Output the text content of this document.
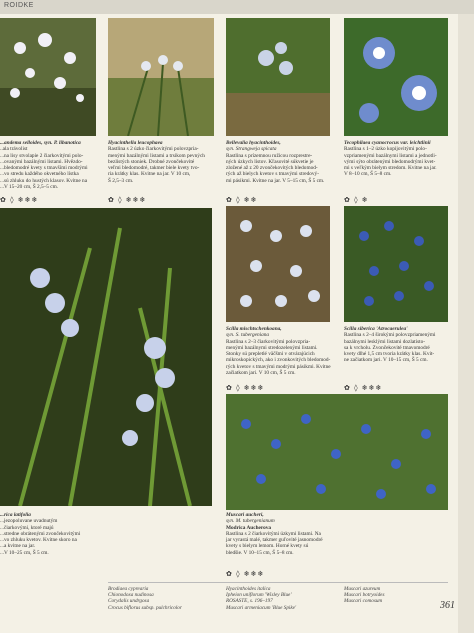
ROIDKE
...andema selloides, syn. P. libanotica
..ala trávolist
...na lisy stvolapie 2 čiarkovitými polo-
...ovanými bazálnými listami. Hvězdo-
...bledomodré kvety s tmavšími modrými
...vo stredu každého okvetného lístka
...sú zhluku do hustých klasov. Kvitne na
...V 15–20 cm, Š 2,5–5 cm.
✿ ◊ ❄❄❄
Hyacinthella leucophaea
Rastlina s 2 úzko čiarkovitými polovzpria-
menými bazálnými listami a trsikom pevných
bezlistých stoniek. Drobné zvončekovité
veľmi bledomodré, takmer biele kvety tvo-
ria krátky klas. Kvitne na jar. V 10 cm,
Š 2,5–3 cm.
✿ ◊ ❄❄❄
Bellevalia hyacinthoides,
syn. Strangweja spicata
Rastlina s prízemnou ružicou rozprestre-
ných úzkych listov. Kľasovité súkvetie je
zložené až z 20 zvončekovitých bledomod-
rých až bielych kvetov s tmavými stredový-
mi pásikmi. Kvitne na jar. V 5–15 cm, Š 5 cm.
✿ ◊ ❄❄
Tecophilaea cyanocrocus var. leichtlinii
Rastlina s 1–2 úzko kopijovitými polo-
vzpriamenými bazálnymi listami a jednotli-
vými sýto obrátenými bledomodrými kvet-
mi s veľkým bielym stredom. Kvitne na jar.
V 8–10 cm, Š 5–8 cm.
✿ ◊ ❄
Scilla mischtschenkoana,
syn. S. tubergeniana
Rastlina s 2–3 čiarkovitými polovzpria-
menými bazálnymi stredozelenými listami.
Stonky sú prepletlé väčšmi v otvárajúcich
mikroskopických, ako i zvonkovitých bledomod-
rých kvetov s tmavými modrými pásikmi. Kvitne
začiatkom jari. V 10 cm, Š 5 cm.
✿ ◊ ❄❄❄
Scilla siberica 'Atrocaerulea'
Rastlina s 2–4 širokými polovzpriamenými
bazálnymi lesklými listami dozlatisto-
sa k vrcholu. Zvončekovité tmavomodré
kvety dlhé 1,5 cm tvoria krátky klas. Kvit-
ne začiatkom jari. V 10–15 cm, Š 5 cm.
✿ ◊ ❄❄❄
Muscari aucheri,
syn. M. tubergenianum
Modrica Aucherova
Rastlina s 2 čiarkovitými úzkymi listami. Na
jar vyrastá malé, takmer guľovité jasnomodré
kvety s bielym lemom. Horné kvety sú
bledšie. V 10–15 cm, Š 5–8 cm.
✿ ◊ ❄❄❄
...rica latifolia
...jezopoluvane uvadnutým
...čiarkovými, ktoré majú
...stredne obrátenými zvončekovitými
...vo zhluku kvetov. Kvitne skoro na
...a kvitne na jar.
...V 10–25 cm, Š 5 cm.
Brodiaea cyprearia
Chionodoxa nudinosa
Corydalis undrgosa
Crocus biflorus subsp. pulchricolor
Hyacinthoides italica
Ipheion uniflorum 'Wisley Blue'
ROSASTE, s. 196–197
Muscari armeniacum 'Blue Spike'
Muscari azureum
Muscari botryoides
Muscari comosum	361
